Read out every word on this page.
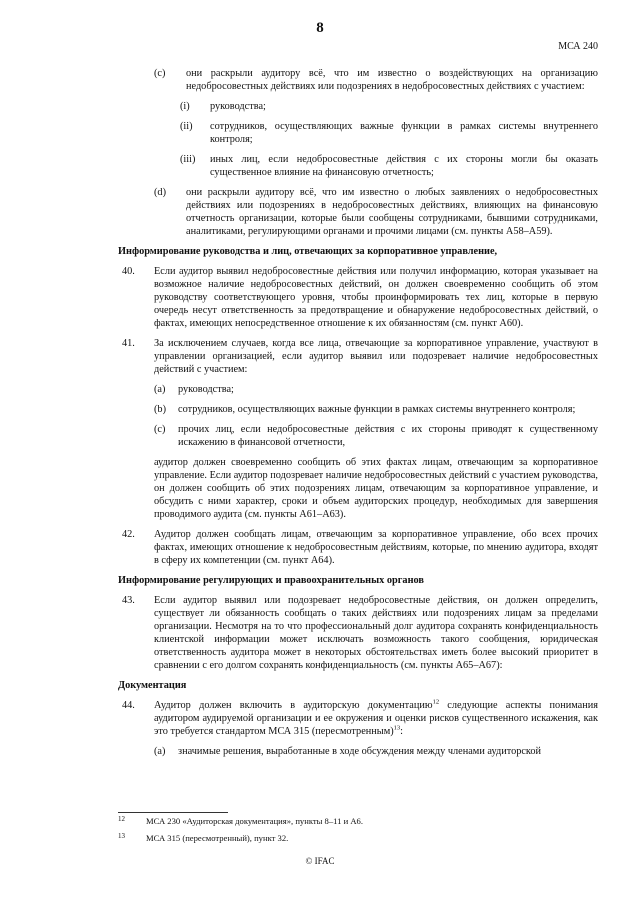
8
МСА 240
(c) они раскрыли аудитору всё, что им известно о воздействующих на организацию недобросовестных действиях или подозрениях в недобросовестных действиях с участием:
(i) руководства;
(ii) сотрудников, осуществляющих важные функции в рамках системы внутреннего контроля;
(iii) иных лиц, если недобросовестные действия с их стороны могли бы оказать существенное влияние на финансовую отчетность;
(d) они раскрыли аудитору всё, что им известно о любых заявлениях о недобросовестных действиях или подозрениях в недобросовестных действиях, влияющих на финансовую отчетность организации, которые были сообщены сотрудниками, бывшими сотрудниками, аналитиками, регулирующими органами и прочими лицами (см. пункты А58–А59).
Информирование руководства и лиц, отвечающих за корпоративное управление,
40. Если аудитор выявил недобросовестные действия или получил информацию, которая указывает на возможное наличие недобросовестных действий, он должен своевременно сообщить об этом руководству соответствующего уровня, чтобы проинформировать тех лиц, которые в первую очередь несут ответственность за предотвращение и обнаружение недобросовестных действий, о фактах, имеющих непосредственное отношение к их обязанностям (см. пункт А60).
41. За исключением случаев, когда все лица, отвечающие за корпоративное управление, участвуют в управлении организацией, если аудитор выявил или подозревает наличие недобросовестных действий с участием:
(a) руководства;
(b) сотрудников, осуществляющих важные функции в рамках системы внутреннего контроля;
(c) прочих лиц, если недобросовестные действия с их стороны приводят к существенному искажению в финансовой отчетности,
аудитор должен своевременно сообщить об этих фактах лицам, отвечающим за корпоративное управление. Если аудитор подозревает наличие недобросовестных действий с участием руководства, он должен сообщить об этих подозрениях лицам, отвечающим за корпоративное управление, и обсудить с ними характер, сроки и объем аудиторских процедур, необходимых для завершения проводимого аудита (см. пункты А61–А63).
42. Аудитор должен сообщать лицам, отвечающим за корпоративное управление, обо всех прочих фактах, имеющих отношение к недобросовестным действиям, которые, по мнению аудитора, входят в сферу их компетенции (см. пункт А64).
Информирование регулирующих и правоохранительных органов
43. Если аудитор выявил или подозревает недобросовестные действия, он должен определить, существует ли обязанность сообщать о таких действиях или подозрениях лицам за пределами организации. Несмотря на то что профессиональный долг аудитора сохранять конфиденциальность клиентской информации может исключать возможность такого сообщения, юридическая ответственность аудитора может в некоторых обстоятельствах иметь более высокий приоритет в сравнении с его долгом сохранять конфиденциальность (см. пункты А65–А67):
Документация
44. Аудитор должен включить в аудиторскую документацию$^{12}$ следующие аспекты понимания аудитором аудируемой организации и ее окружения и оценки рисков существенного искажения, как это требуется стандартом МСА 315 (пересмотренным)$^{13}$:
(a) значимые решения, выработанные в ходе обсуждения между членами аудиторской
12 МСА 230 «Аудиторская документация», пункты 8–11 и А6.
13 МСА 315 (пересмотренный), пункт 32.
© IFAC
